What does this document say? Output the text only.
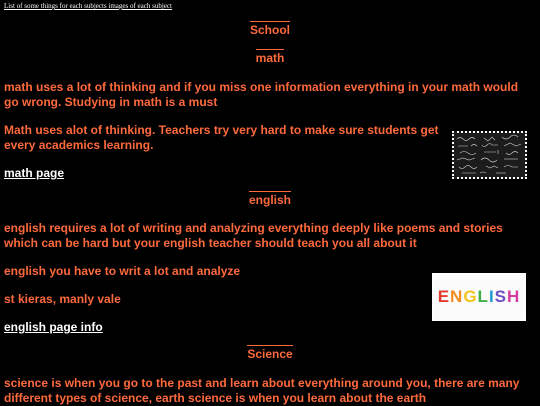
List of some things for each subjects images of each subject
School
math

math uses a lot of thinking and if you miss one information everything in your math would go wrong. Studying in math is a must

Math uses alot of thinking. Teachers try very hard to make sure students get every academics learning.

math page
english

english requires a lot of writing and analyzing everything deeply like poems and stories which can be hard but your english teacher should teach you all about it

english you have to writ a lot and analyze

ENGLISH

st kieras, manly vale

english page info
Science

science is when you go to the past and learn about everything around you, there are many different types of science, earth science is when you learn about the earth
